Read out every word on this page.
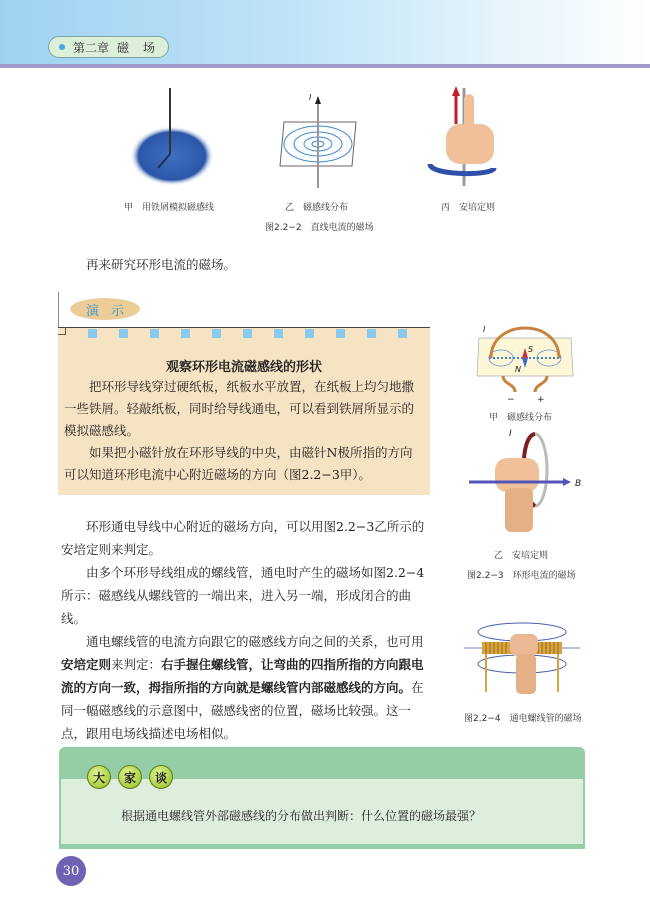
第二章 磁　场
甲　用铁屑模拟磁感线
I
乙　磁感线分布	丙　安培定则
图2.2−2　直线电流的磁场
再来研究环形电流的磁场。
演 示
观察环形电流磁感线的形状

把环形导线穿过硬纸板，纸板水平放置，在纸板上均匀地撒一些铁屑。轻敲纸板，同时给导线通电，可以看到铁屑所显示的模拟磁感线。

如果把小磁针放在环形导线的中央，由磁针N极所指的方向可以知道环形电流中心附近磁场的方向（图2.2−3甲）。

I
S
N
− +
甲　磁感线分布
I
B
乙　安培定则
图2.2−3　环形电流的磁场

环形通电导线中心附近的磁场方向，可以用图2.2−3乙所示的安培定则来判定。

由多个环形导线组成的螺线管，通电时产生的磁场如图2.2−4所示：磁感线从螺线管的一端出来，进入另一端，形成闭合的曲线。

通电螺线管的电流方向跟它的磁感线方向之间的关系，也可用安培定则来判定：右手握住螺线管，让弯曲的四指所指的方向跟电流的方向一致，拇指所指的方向就是螺线管内部磁感线的方向。在同一幅磁感线的示意图中，磁感线密的位置，磁场比较强。这一点，跟用电场线描述电场相似。

图2.2−4　通电螺线管的磁场
大	家	谈
根据通电螺线管外部磁感线的分布做出判断：什么位置的磁场最强？
30
